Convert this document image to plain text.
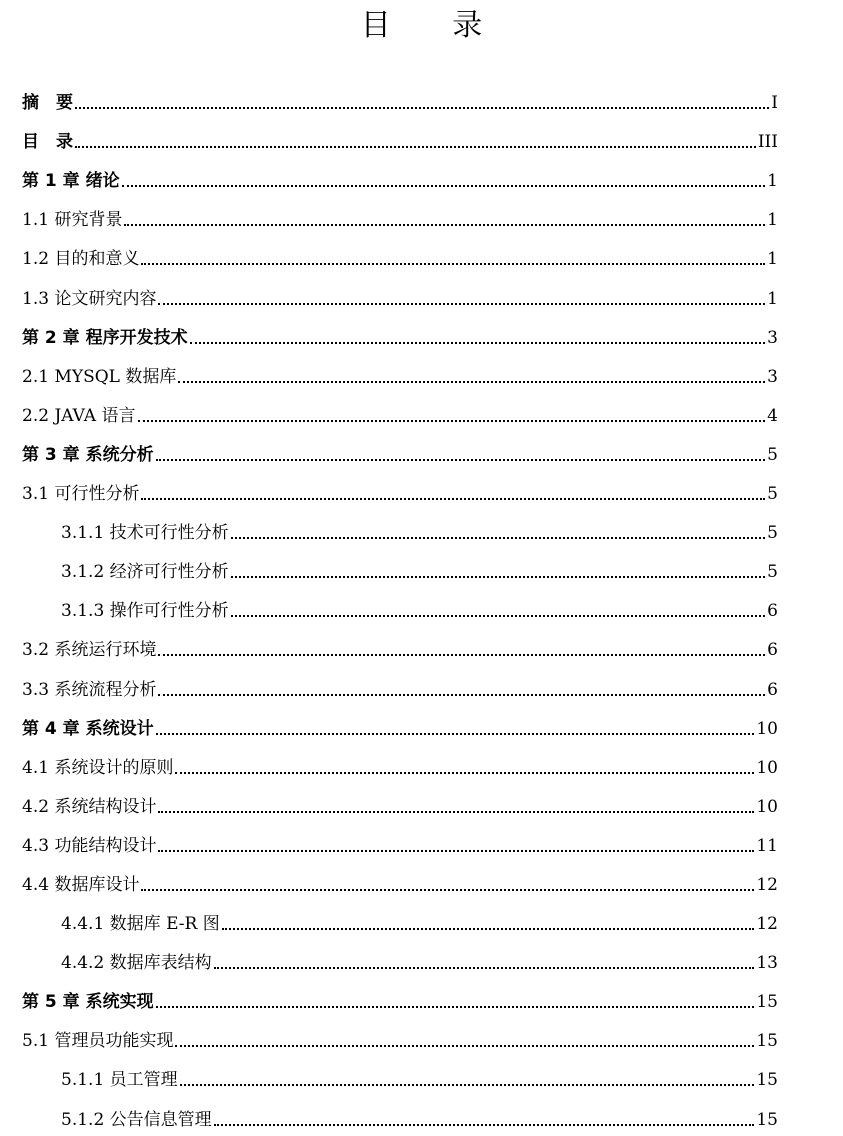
目 录
摘　要	I
目　录	III
第 1 章 绪论	1
1.1 研究背景	1
1.2 目的和意义	1
1.3 论文研究内容	1
第 2 章 程序开发技术	3
2.1 MYSQL 数据库	3
2.2 JAVA 语言	4
第 3 章 系统分析	5
3.1 可行性分析	5
3.1.1 技术可行性分析	5
3.1.2 经济可行性分析	5
3.1.3 操作可行性分析	6
3.2 系统运行环境	6
3.3 系统流程分析	6
第 4 章 系统设计	10
4.1 系统设计的原则	10
4.2 系统结构设计	10
4.3 功能结构设计	11
4.4 数据库设计	12
4.4.1 数据库 E-R 图	12
4.4.2 数据库表结构	13
第 5 章 系统实现	15
5.1 管理员功能实现	15
5.1.1 员工管理	15
5.1.2 公告信息管理	15
